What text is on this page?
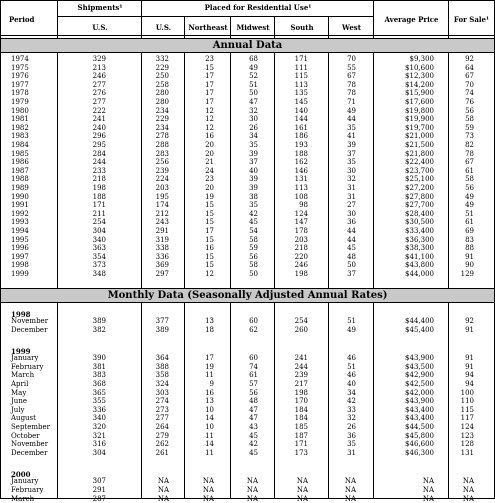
Period
Shipments¹
U.S.
Placed for Residential Use¹
U.S.	Northeast	Midwest	South	West
Average Price	For Sale¹
Annual Data
1974	329	332	23	68	171	70	$9,300	92
1975	213	229	15	49	111	55	$10,600	64
1976	246	250	17	52	115	67	$12,300	67
1977	277	258	17	51	113	78	$14,200	70
1978	276	280	17	50	135	78	$15,900	74
1979	277	280	17	47	145	71	$17,600	76
1980	222	234	12	32	140	49	$19,800	56
1981	241	229	12	30	144	44	$19,900	58
1982	240	234	12	26	161	35	$19,700	59
1983	296	278	16	34	186	41	$21,000	73
1984	295	288	20	35	193	39	$21,500	82
1985	284	283	20	39	188	37	$21,800	78
1986	244	256	21	37	162	35	$22,400	67
1987	233	239	24	40	146	30	$23,700	61
1988	218	224	23	39	131	32	$25,100	58
1989	198	203	20	39	113	31	$27,200	56
1990	188	195	19	38	108	31	$27,800	49
1991	171	174	15	35	98	27	$27,700	49
1992	211	212	15	42	124	30	$28,400	51
1993	254	243	15	45	147	36	$30,500	61
1994	304	291	17	54	178	44	$33,400	69
1995	340	319	15	58	203	44	$36,300	83
1996	363	338	16	59	218	45	$38,300	88
1997	354	336	15	56	220	48	$41,100	91
1998	373	369	15	58	246	50	$43,800	90
1999	348	297	12	50	198	37	$44,000	129
Monthly Data (Seasonally Adjusted Annual Rates)
1998
November	389	377	13	60	254	51	$44,400	92
December	382	389	18	62	260	49	$45,400	91
1999
January	390	364	17	60	241	46	$43,900	91
February	381	388	19	74	244	51	$43,500	91
March	383	358	11	61	239	46	$42,900	94
April	368	324	9	57	217	40	$42,500	94
May	365	303	16	56	198	34	$42,000	100
June	355	274	13	48	170	42	$43,900	110
July	336	273	10	47	184	33	$43,400	115
August	340	277	14	47	184	32	$43,400	117
September	320	264	10	43	185	26	$44,500	124
October	321	279	11	45	187	36	$45,800	123
November	316	262	14	42	171	35	$46,600	128
December	304	261	11	45	173	31	$46,300	131
2000
January	307	NA	NA	NA	NA	NA	NA	NA
February	291	NA	NA	NA	NA	NA	NA	NA
March	287	NA	NA	NA	NA	NA	NA	NA
